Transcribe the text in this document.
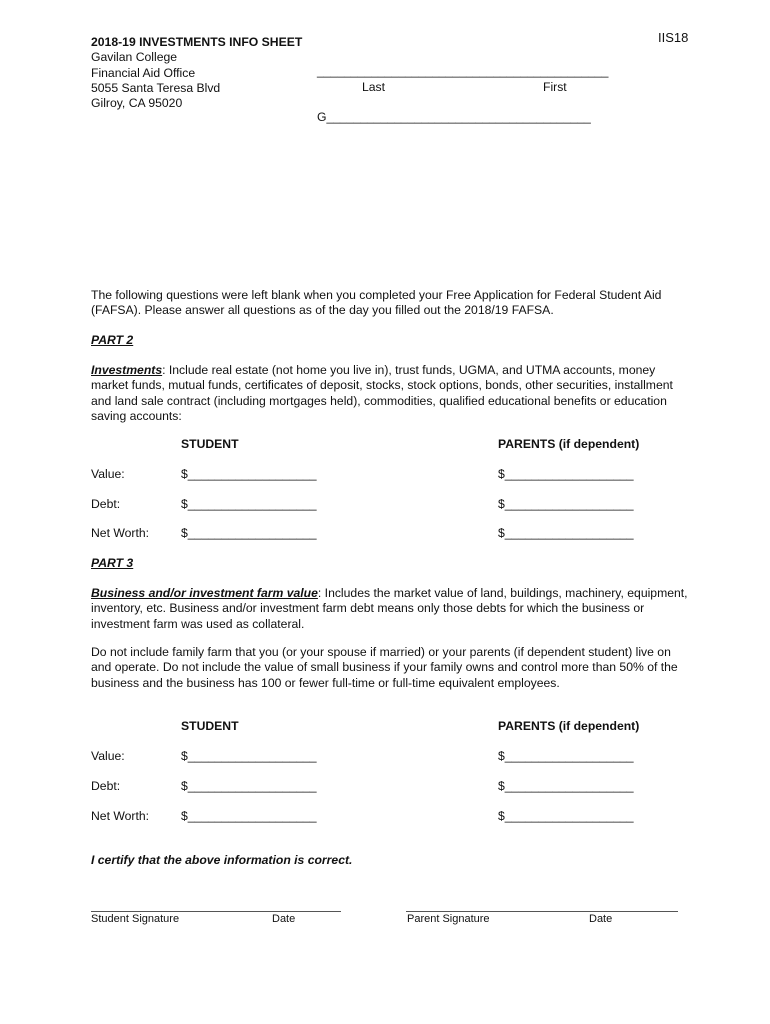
IIS18
2018-19 INVESTMENTS INFO SHEET
Gavilan College
Financial Aid Office
5055 Santa Teresa Blvd
Gilroy, CA 95020
___________________________________________
Last	First
G_______________________________________
The following questions were left blank when you completed your Free Application for Federal Student Aid (FAFSA). Please answer all questions as of the day you filled out the 2018/19 FAFSA.
PART 2
Investments: Include real estate (not home you live in), trust funds, UGMA, and UTMA accounts, money market funds, mutual funds, certificates of deposit, stocks, stock options, bonds, other securities, installment and land sale contract (including mortgages held), commodities, qualified educational benefits or education saving accounts:
STUDENT	PARENTS (if dependent)
Value:	$___________________	$___________________
Debt:	$___________________	$___________________
Net Worth:	$___________________	$___________________
PART 3
Business and/or investment farm value: Includes the market value of land, buildings, machinery, equipment, inventory, etc. Business and/or investment farm debt means only those debts for which the business or investment farm was used as collateral.
Do not include family farm that you (or your spouse if married) or your parents (if dependent student) live on and operate. Do not include the value of small business if your family owns and control more than 50% of the business and the business has 100 or fewer full-time or full-time equivalent employees.
STUDENT	PARENTS (if dependent)
Value:	$___________________	$___________________
Debt:	$___________________	$___________________
Net Worth:	$___________________	$___________________
I certify that the above information is correct.
Student Signature	Date	Parent Signature	Date
